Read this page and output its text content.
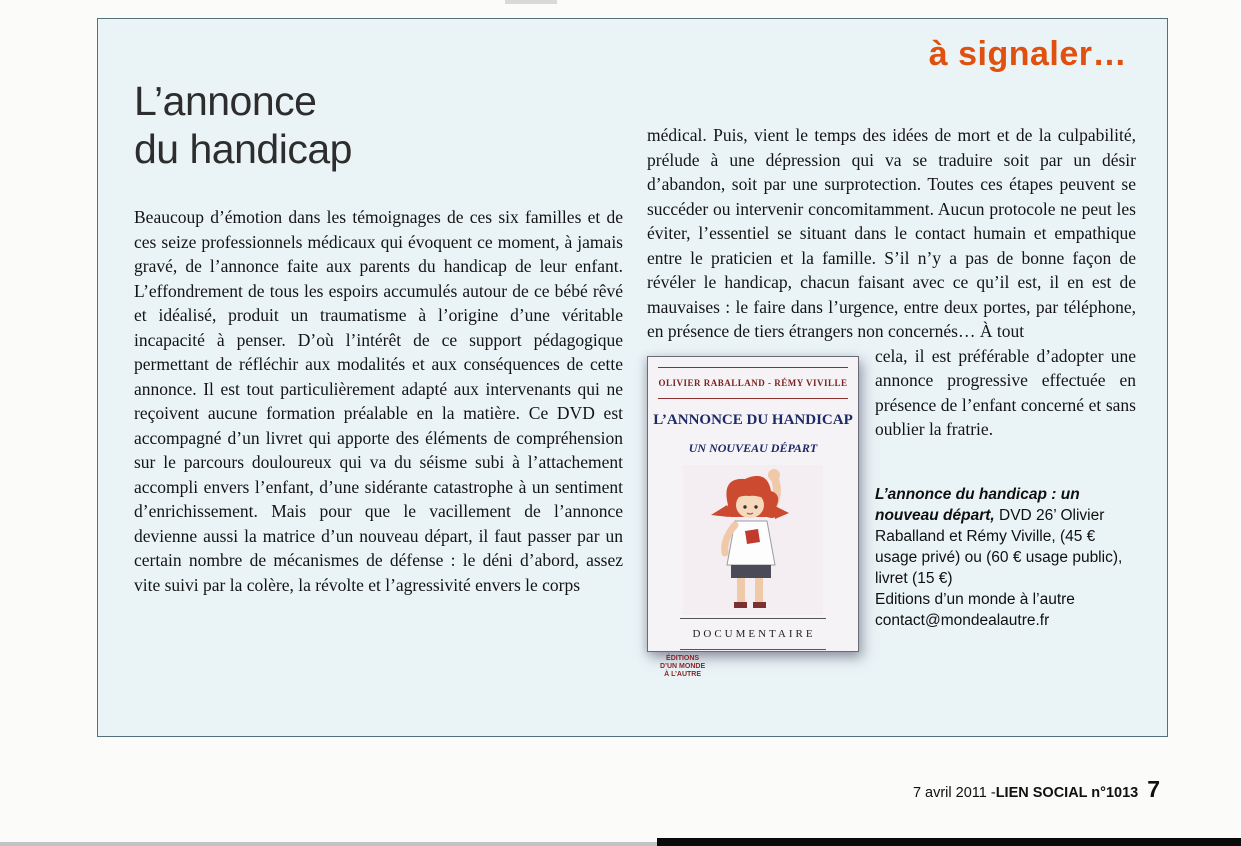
à signaler…
L’annonce
du handicap

Beaucoup d’émotion dans les témoignages de ces six familles et de ces seize professionnels médicaux qui évoquent ce moment, à jamais gravé, de l’annonce faite aux parents du handicap de leur enfant. L’effondrement de tous les espoirs accumulés autour de ce bébé rêvé et idéalisé, produit un traumatisme à l’origine d’une véritable incapacité à penser. D’où l’intérêt de ce support pédagogique permettant de réfléchir aux modalités et aux conséquences de cette annonce. Il est tout particulièrement adapté aux intervenants qui ne reçoivent aucune formation préalable en la matière. Ce DVD est accompagné d’un livret qui apporte des éléments de compréhension sur le parcours douloureux qui va du séisme subi à l’attachement accompli envers l’enfant, d’une sidérante catastrophe à un sentiment d’enrichissement. Mais pour que le vacillement de l’annonce devienne aussi la matrice d’un nouveau départ, il faut passer par un certain nombre de mécanismes de défense : le déni d’abord, assez vite suivi par la colère, la révolte et l’agressivité envers le corps

médical. Puis, vient le temps des idées de mort et de la culpabilité, prélude à une dépression qui va se traduire soit par un désir d’abandon, soit par une surprotection. Toutes ces étapes peuvent se succéder ou intervenir concomitamment. Aucun protocole ne peut les éviter, l’essentiel se situant dans le contact humain et empathique entre le praticien et la famille. S’il n’y a pas de bonne façon de révéler le handicap, chacun faisant avec ce qu’il est, il en est de mauvaises : le faire dans l’urgence, entre deux portes, par téléphone, en présence de tiers étrangers non concernés… À tout

OLIVIER RABALLAND - RÉMY VIVILLE
L’ANNONCE DU HANDICAP
UN NOUVEAU DÉPART
DOCUMENTAIRE
ÉDITIONS
D’UN MONDE
À L’AUTRE

cela, il est préférable d’adopter une annonce progressive effectuée en présence de l’enfant concerné et sans oublier la fratrie.

L’annonce du handicap : un nouveau départ, DVD 26’ Olivier Raballand et Rémy Viville, (45 € usage privé) ou (60 € usage public), livret (15 €)
Editions d’un monde à l’autre
contact@mondealautre.fr
7 avril 2011 - LIEN SOCIAL n°1013 7
